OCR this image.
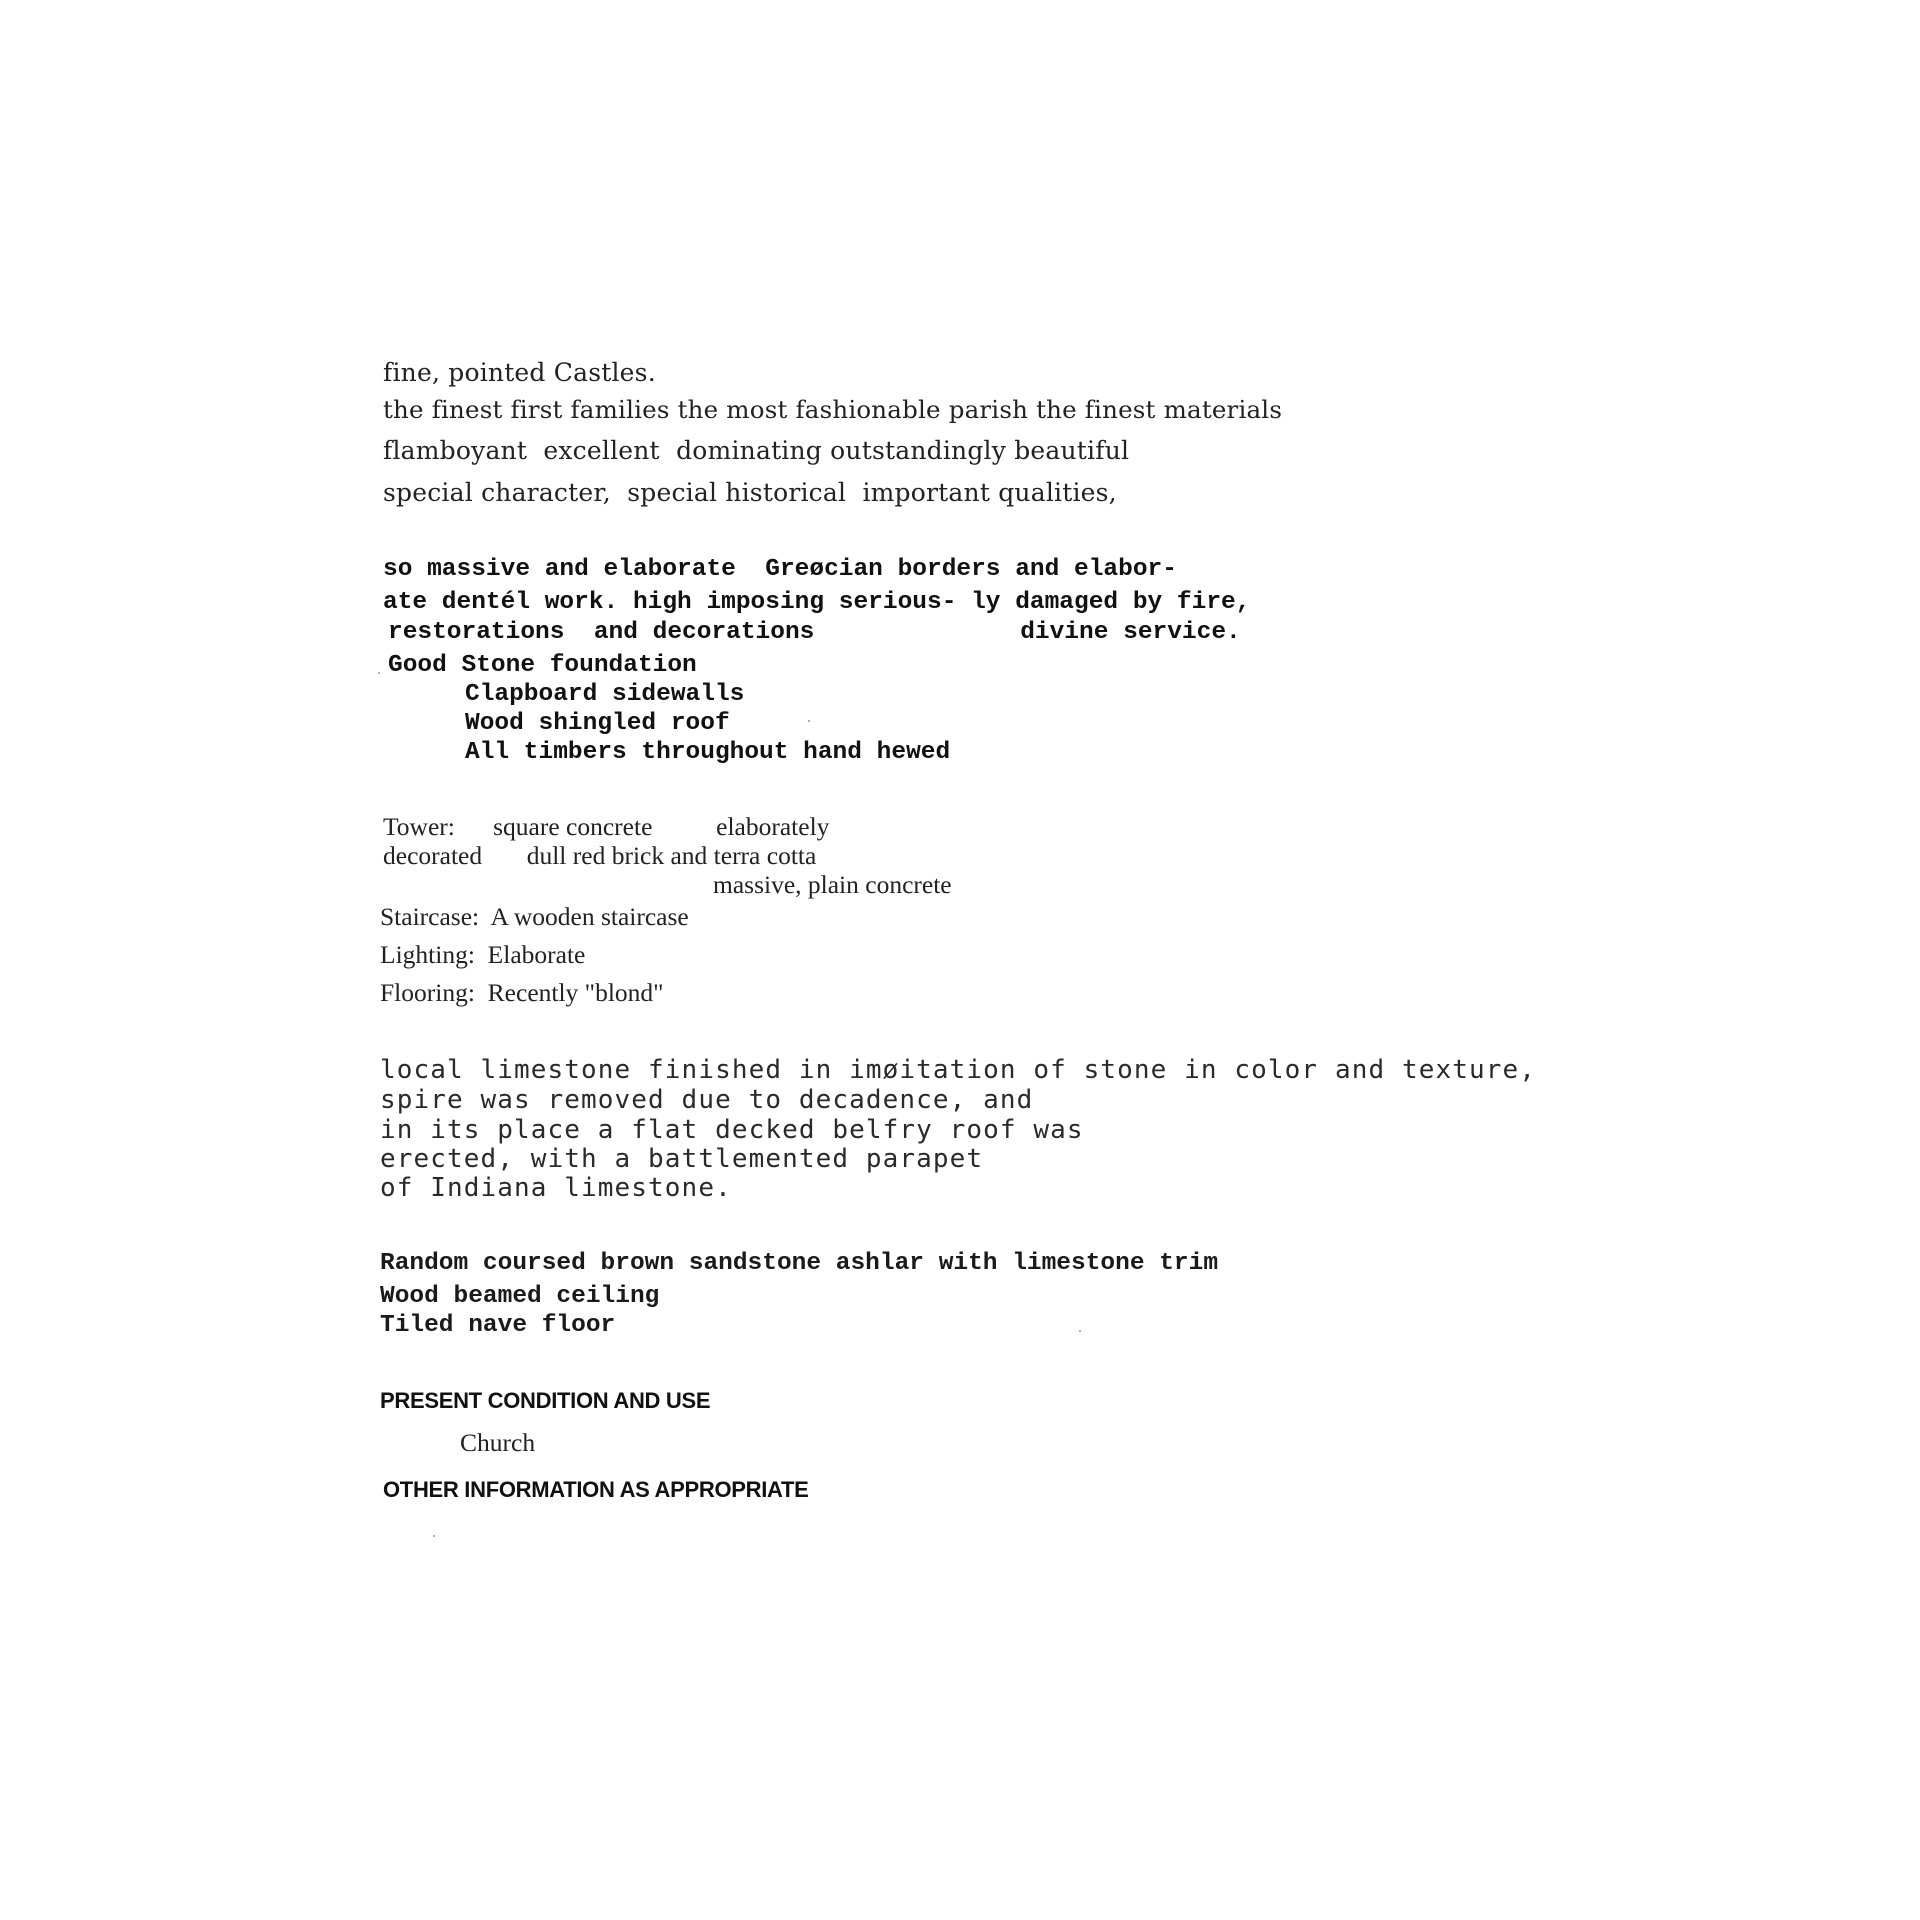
fine, pointed Castles.

the finest first families the most fashionable parish the finest materials

flamboyant  excellent  dominating outstandingly beautiful

special character,  special historical  important qualities,

so massive and elaborate  Greøcian borders and elabor-

ate dentél work. high imposing serious- ly damaged by fire,

restorations  and decorations              divine service.

Good Stone foundation

Clapboard sidewalls

Wood shingled roof

All timbers throughout hand hewed

Tower:      square concrete          elaborately

decorated       dull red brick and terra cotta

massive, plain concrete

Staircase:  A wooden staircase

Lighting:  Elaborate

Flooring:  Recently "blond"

local limestone finished in imøitation of stone in color and texture,

spire was removed due to decadence, and

in its place a flat decked belfry roof was

erected, with a battlemented parapet

of Indiana limestone.

Random coursed brown sandstone ashlar with limestone trim

Wood beamed ceiling

Tiled nave floor

PRESENT CONDITION AND USE

Church

OTHER INFORMATION AS APPROPRIATE
